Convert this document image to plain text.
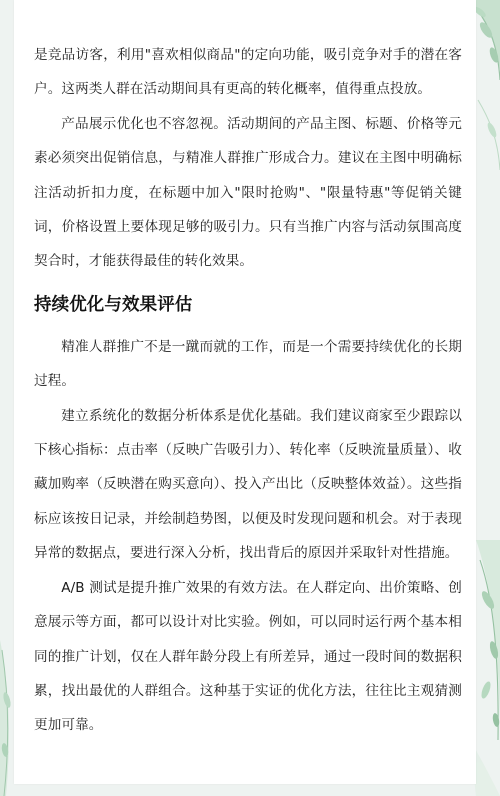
是竞品访客，利用"喜欢相似商品"的定向功能，吸引竞争对手的潜在客户。这两类人群在活动期间具有更高的转化概率，值得重点投放。

产品展示优化也不容忽视。活动期间的产品主图、标题、价格等元素必须突出促销信息，与精准人群推广形成合力。建议在主图中明确标注活动折扣力度，在标题中加入"限时抢购"、"限量特惠"等促销关键词，价格设置上要体现足够的吸引力。只有当推广内容与活动氛围高度契合时，才能获得最佳的转化效果。

持续优化与效果评估

精准人群推广不是一蹴而就的工作，而是一个需要持续优化的长期过程。

建立系统化的数据分析体系是优化基础。我们建议商家至少跟踪以下核心指标：点击率（反映广告吸引力）、转化率（反映流量质量）、收藏加购率（反映潜在购买意向）、投入产出比（反映整体效益）。这些指标应该按日记录，并绘制趋势图，以便及时发现问题和机会。对于表现异常的数据点，要进行深入分析，找出背后的原因并采取针对性措施。

A/B 测试是提升推广效果的有效方法。在人群定向、出价策略、创意展示等方面，都可以设计对比实验。例如，可以同时运行两个基本相同的推广计划，仅在人群年龄分段上有所差异，通过一段时间的数据积累，找出最优的人群组合。这种基于实证的优化方法，往往比主观猜测更加可靠。
